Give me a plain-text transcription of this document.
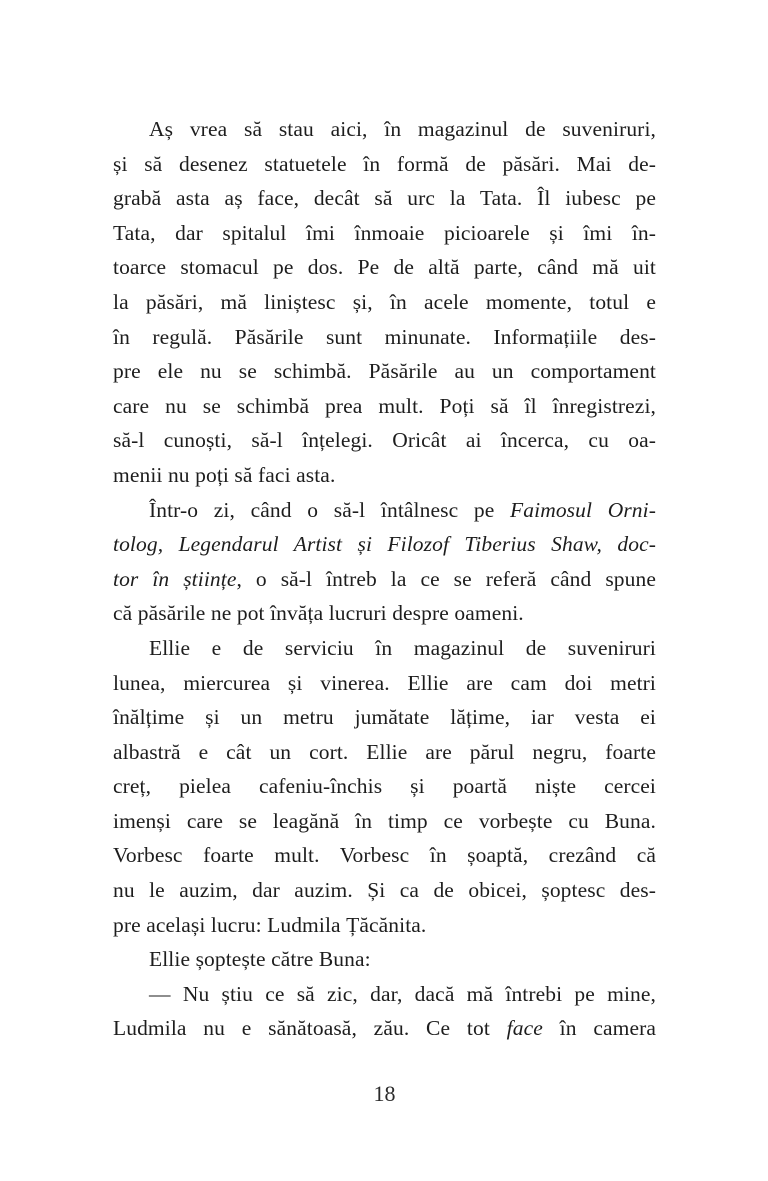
Aș vrea să stau aici, în magazinul de suveniruri,
și să desenez statuetele în formă de păsări. Mai de-
grabă asta aș face, decât să urc la Tata. Îl iubesc pe
Tata, dar spitalul îmi înmoaie picioarele și îmi în-
toarce stomacul pe dos. Pe de altă parte, când mă uit
la păsări, mă liniștesc și, în acele momente, totul e
în regulă. Păsările sunt minunate. Informațiile des-
pre ele nu se schimbă. Păsările au un comportament
care nu se schimbă prea mult. Poți să îl înregistrezi,
să-l cunoști, să-l înțelegi. Oricât ai încerca, cu oa-
menii nu poți să faci asta.
Într-o zi, când o să-l întâlnesc pe Faimosul Orni-
tolog, Legendarul Artist și Filozof Tiberius Shaw, doc-
tor în științe, o să-l întreb la ce se referă când spune
că păsările ne pot învăța lucruri despre oameni.
Ellie e de serviciu în magazinul de suveniruri
lunea, miercurea și vinerea. Ellie are cam doi metri
înălțime și un metru jumătate lățime, iar vesta ei
albastră e cât un cort. Ellie are părul negru, foarte
creț, pielea cafeniu-închis și poartă niște cercei
imenși care se leagănă în timp ce vorbește cu Buna.
Vorbesc foarte mult. Vorbesc în șoaptă, crezând că
nu le auzim, dar auzim. Și ca de obicei, șoptesc des-
pre același lucru: Ludmila Țăcănita.
Ellie șoptește către Buna:
— Nu știu ce să zic, dar, dacă mă întrebi pe mine,
Ludmila nu e sănătoasă, zău. Ce tot face în camera
18
